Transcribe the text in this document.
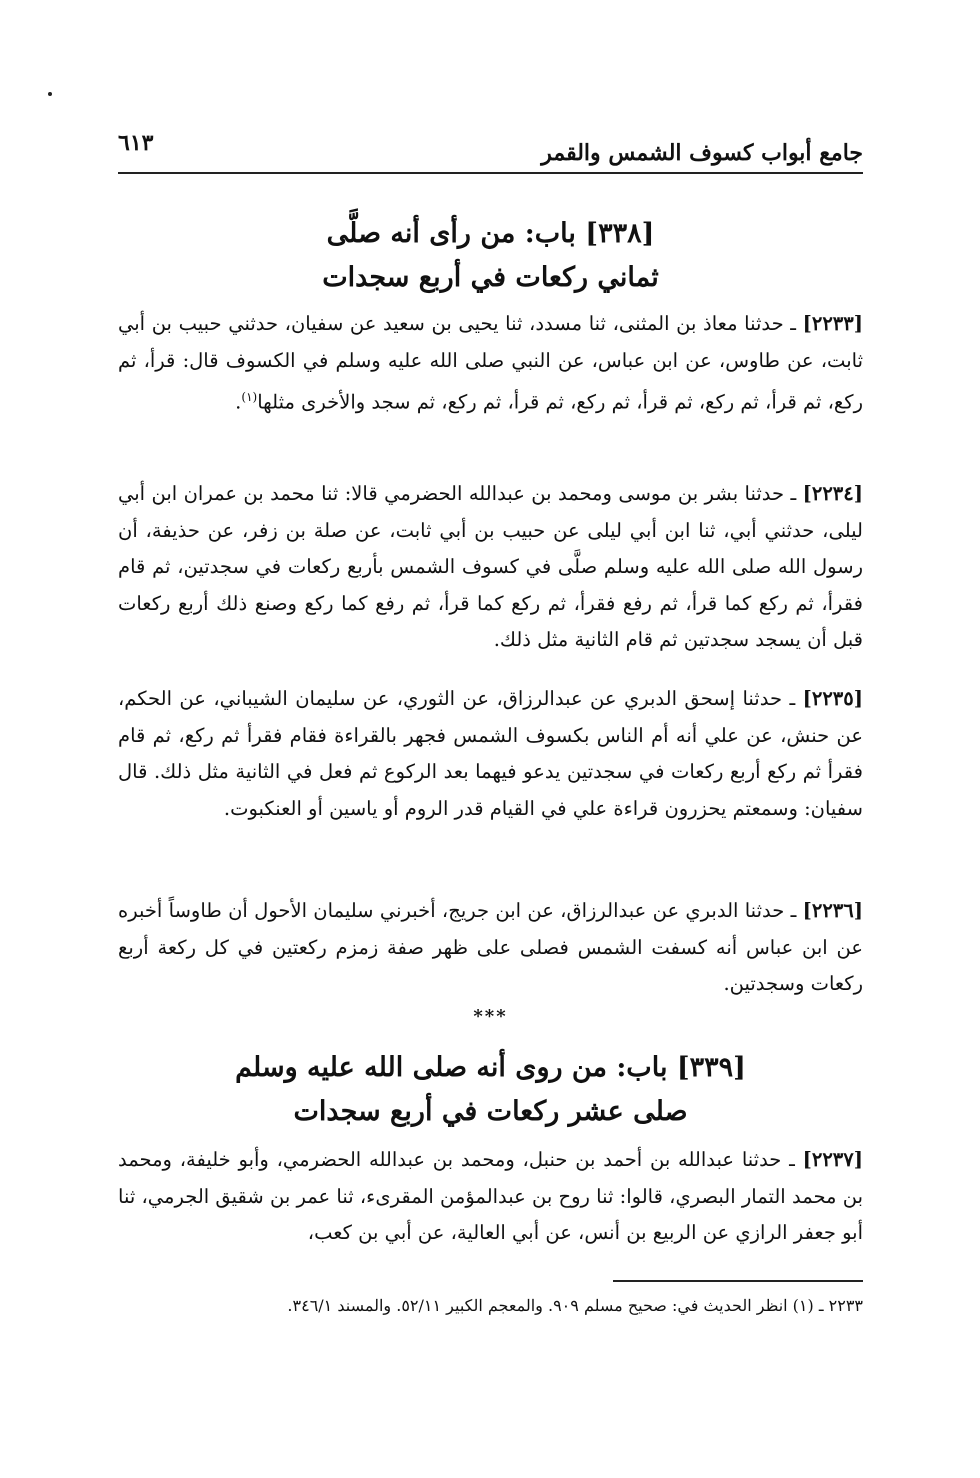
جامع أبواب كسوف الشمس والقمر
٦١٣
[٣٣٨] باب: من رأى أنه صلَّى
ثماني ركعات في أربع سجدات
[٢٢٣٣] ـ حدثنا معاذ بن المثنى، ثنا مسدد، ثنا يحيى بن سعيد عن سفيان، حدثني حبيب بن أبي ثابت، عن طاوس، عن ابن عباس، عن النبي صلى الله عليه وسلم في الكسوف قال: قرأ، ثم ركع، ثم قرأ، ثم ركع، ثم قرأ، ثم ركع، ثم قرأ، ثم ركع، ثم سجد والأخرى مثلها$^{(١)}$.
[٢٢٣٤] ـ حدثنا بشر بن موسى ومحمد بن عبدالله الحضرمي قالا: ثنا محمد بن عمران ابن أبي ليلى، حدثني أبي، ثنا ابن أبي ليلى عن حبيب بن أبي ثابت، عن صلة بن زفر، عن حذيفة، أن رسول الله صلى الله عليه وسلم صلَّى في كسوف الشمس بأربع ركعات في سجدتين، ثم قام فقرأ، ثم ركع كما قرأ، ثم رفع فقرأ، ثم ركع كما قرأ، ثم رفع كما ركع وصنع ذلك أربع ركعات قبل أن يسجد سجدتين ثم قام الثانية مثل ذلك.
[٢٢٣٥] ـ حدثنا إسحق الدبري عن عبدالرزاق، عن الثوري، عن سليمان الشيباني، عن الحكم، عن حنش، عن علي أنه أم الناس بكسوف الشمس فجهر بالقراءة فقام فقرأ ثم ركع، ثم قام فقرأ ثم ركع أربع ركعات في سجدتين يدعو فيهما بعد الركوع ثم فعل في الثانية مثل ذلك. قال سفيان: وسمعتم يحزرون قراءة علي في القيام قدر الروم أو ياسين أو العنكبوت.
[٢٢٣٦] ـ حدثنا الدبري عن عبدالرزاق، عن ابن جريج، أخبرني سليمان الأحول أن طاوساً أخبره عن ابن عباس أنه كسفت الشمس فصلى على ظهر صفة زمزم ركعتين في كل ركعة أربع ركعات وسجدتين.
***
[٣٣٩] باب: من روى أنه صلى الله عليه وسلم
صلى عشر ركعات في أربع سجدات
[٢٢٣٧] ـ حدثنا عبدالله بن أحمد بن حنبل، ومحمد بن عبدالله الحضرمي، وأبو خليفة، ومحمد بن محمد التمار البصري، قالوا: ثنا روح بن عبدالمؤمن المقرىء، ثنا عمر بن شقيق الجرمي، ثنا أبو جعفر الرازي عن الربيع بن أنس، عن أبي العالية، عن أبي بن كعب،
٢٢٣٣ ـ (١) انظر الحديث في: صحيح مسلم ٩٠٩. والمعجم الكبير ٥٢/١١. والمسند ٣٤٦/١.
